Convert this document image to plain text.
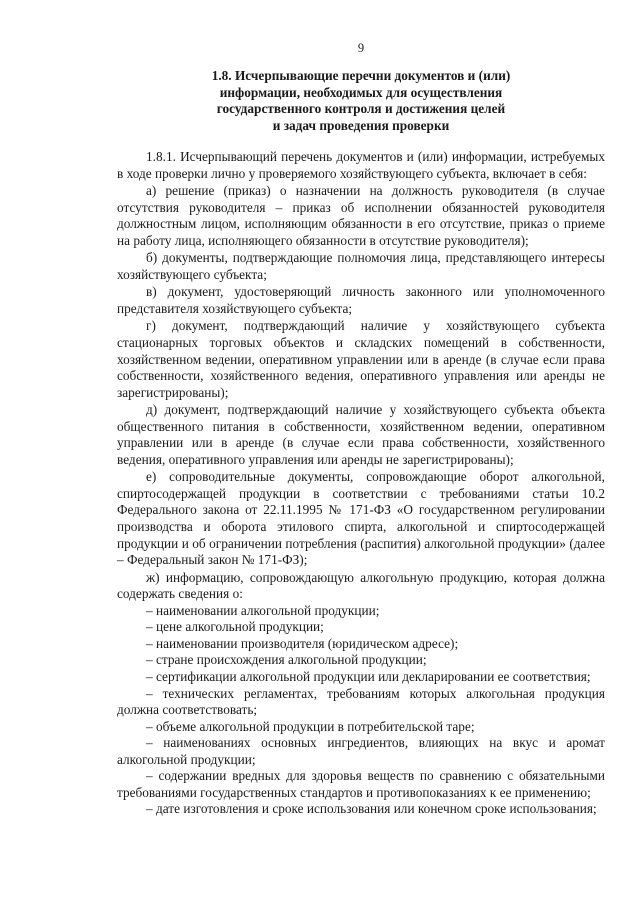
9
1.8. Исчерпывающие перечни документов и (или)
информации, необходимых для осуществления
государственного контроля и достижения целей
и задач проведения проверки

1.8.1. Исчерпывающий перечень документов и (или) информации, истребуемых в ходе проверки лично у проверяемого хозяйствующего субъекта, включает в себя:

а) решение (приказ) о назначении на должность руководителя (в случае отсутствия руководителя – приказ об исполнении обязанностей руководителя должностным лицом, исполняющим обязанности в его отсутствие, приказ о приеме на работу лица, исполняющего обязанности в отсутствие руководителя);

б) документы, подтверждающие полномочия лица, представляющего интересы хозяйствующего субъекта;

в) документ, удостоверяющий личность законного или уполномоченного представителя хозяйствующего субъекта;

г) документ, подтверждающий наличие у хозяйствующего субъекта стационарных торговых объектов и складских помещений в собственности, хозяйственном ведении, оперативном управлении или в аренде (в случае если права собственности, хозяйственного ведения, оперативного управления или аренды не зарегистрированы);

д) документ, подтверждающий наличие у хозяйствующего субъекта объекта общественного питания в собственности, хозяйственном ведении, оперативном управлении или в аренде (в случае если права собственности, хозяйственного ведения, оперативного управления или аренды не зарегистрированы);

е) сопроводительные документы, сопровождающие оборот алкогольной, спиртосодержащей продукции в соответствии с требованиями статьи 10.2 Федерального закона от 22.11.1995 № 171-ФЗ «О государственном регулировании производства и оборота этилового спирта, алкогольной и спиртосодержащей продукции и об ограничении потребления (распития) алкогольной продукции» (далее – Федеральный закон № 171-ФЗ);

ж) информацию, сопровождающую алкогольную продукцию, которая должна содержать сведения о:

– наименовании алкогольной продукции;

– цене алкогольной продукции;

– наименовании производителя (юридическом адресе);

– стране происхождения алкогольной продукции;

– сертификации алкогольной продукции или декларировании ее соответствия;

– технических регламентах, требованиям которых алкогольная продукция должна соответствовать;

– объеме алкогольной продукции в потребительской таре;

– наименованиях основных ингредиентов, влияющих на вкус и аромат алкогольной продукции;

– содержании вредных для здоровья веществ по сравнению с обязательными требованиями государственных стандартов и противопоказаниях к ее применению;

– дате изготовления и сроке использования или конечном сроке использования;
